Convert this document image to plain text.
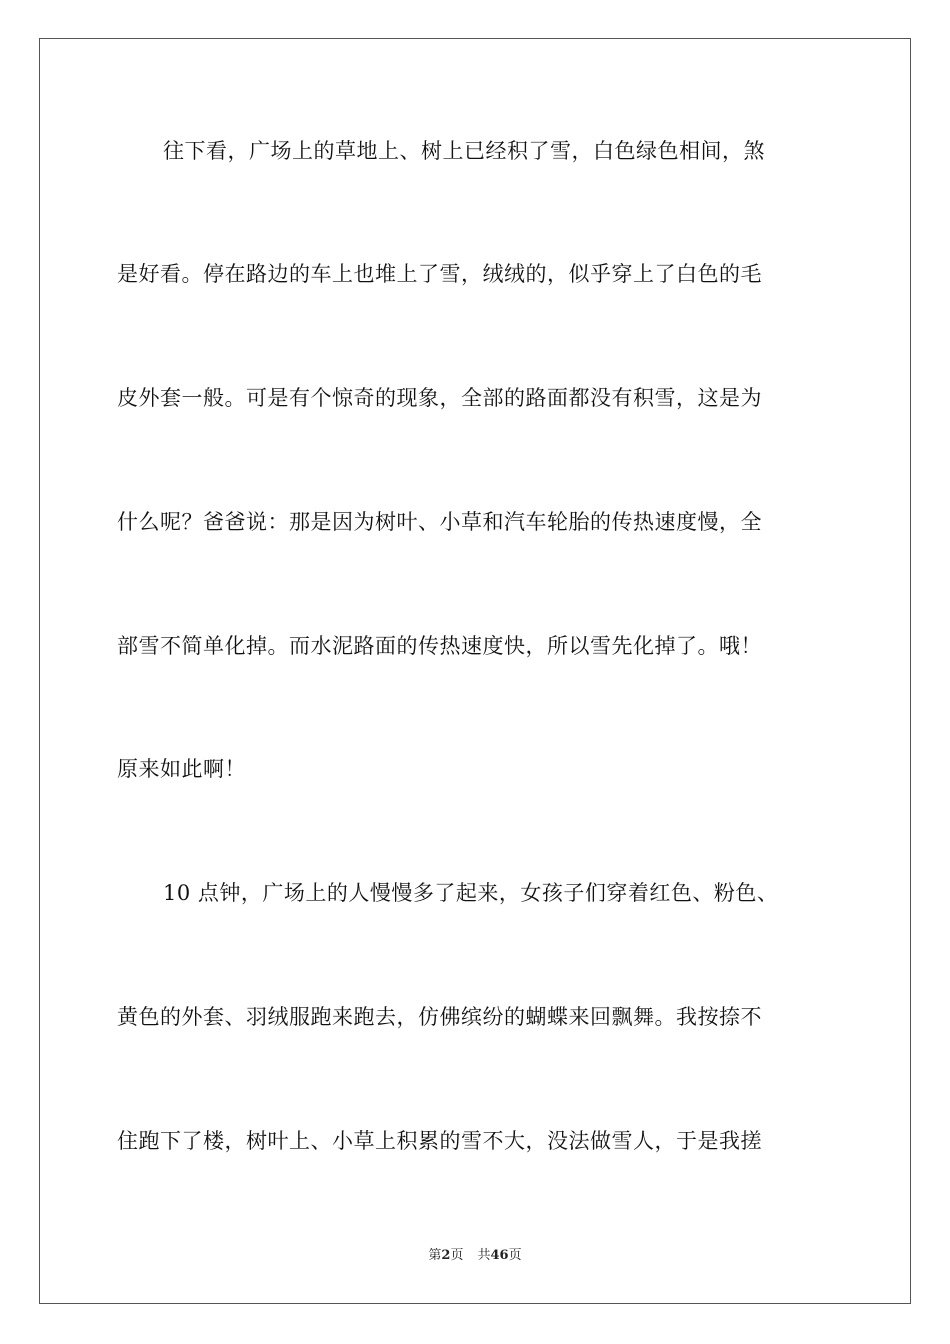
往下看，广场上的草地上、树上已经积了雪，白色绿色相间，煞
是好看。停在路边的车上也堆上了雪，绒绒的，似乎穿上了白色的毛
皮外套一般。可是有个惊奇的现象，全部的路面都没有积雪，这是为
什么呢？爸爸说：那是因为树叶、小草和汽车轮胎的传热速度慢，全
部雪不简单化掉。而水泥路面的传热速度快，所以雪先化掉了。哦！
原来如此啊！
10 点钟，广场上的人慢慢多了起来，女孩子们穿着红色、粉色、
黄色的外套、羽绒服跑来跑去，仿佛缤纷的蝴蝶来回飘舞。我按捺不
住跑下了楼，树叶上、小草上积累的雪不大，没法做雪人，于是我搓
第2页 共46页
